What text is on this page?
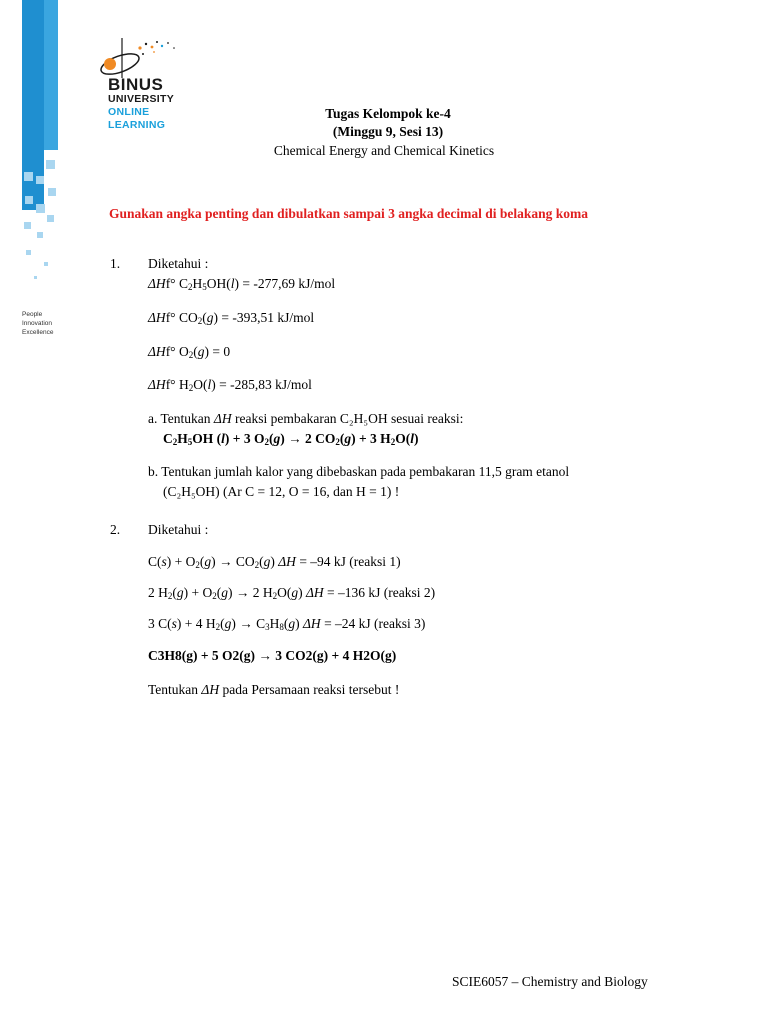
BINUS
UNIVERSITY
ONLINE
LEARNING
People
Innovation
Excellence
Tugas Kelompok ke-4
(Minggu 9, Sesi 13)
Chemical Energy and Chemical Kinetics
Gunakan angka penting dan dibulatkan sampai 3 angka decimal di belakang koma
1. Diketahui :
ΔHf° $C_2H_5OH(l) = -277,69$ kJ/mol
ΔHf° $CO_2(g) = -393,51$ kJ/mol
ΔHf° $O_2(g) = 0$
ΔHf° $H_2O(l) = -285,83$ kJ/mol
a. Tentukan ΔH reaksi pembakaran C₂H₅OH sesuai reaksi:
$C_2H_5OH$ (l) + 3 $O_2(g) \to 2$ $CO_2(g) + 3$ $H_2O(l)$
b. Tentukan jumlah kalor yang dibebaskan pada pembakaran 11,5 gram etanol
(C₂H₅OH) (Ar C = 12, O = 16, dan H = 1) !
2. Diketahui :
$C(s) + O_2(g) \to CO_2(g) \Delta H = -94$ kJ (reaksi 1)
2 $H_2(g) + O_2(g) \to 2$ $H_2O(g) \Delta H = -136$ kJ (reaksi 2)
3 C(s) + 4 $H_2(g) \to C_3H_8(g) \Delta H = -24$ kJ (reaksi 3)
C3H8(g) + 5 O2(g) → 3 CO2(g) + 4 H2O(g)
Tentukan ΔH pada Persamaan reaksi tersebut !
SCIE6057 – Chemistry and Biology
